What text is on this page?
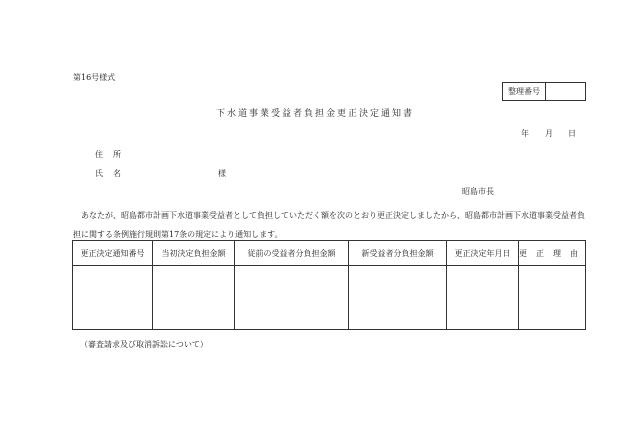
第16号様式
整理番号
下水道事業受益者負担金更正決定通知書
年 月 日
住所
氏名	様
昭島市長
あなたが、昭島都市計画下水道事業受益者として負担していただく額を次のとおり更正決定しましたから、昭島都市計画下水道事業受益者負担に関する条例施行規則第17条の規定により通知します。
更正決定通知番号	当初決定負担金額	従前の受益者分負担金額	新受益者分負担金額	更正決定年月日	更正理由

（審査請求及び取消訴訟について）
